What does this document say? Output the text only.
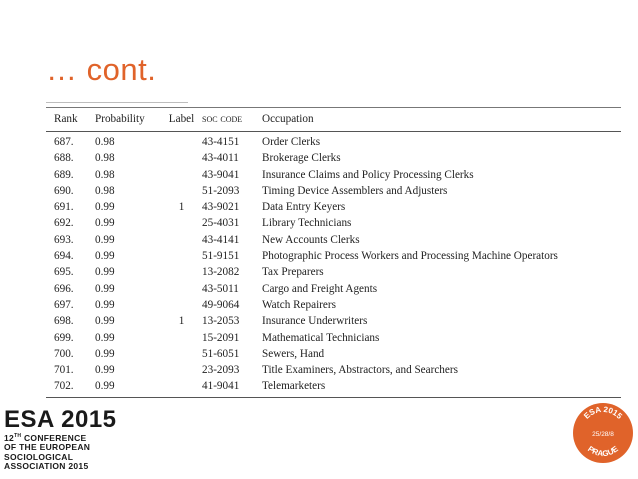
… cont.
Rank	Probability	Label	soc code	Occupation
687.	0.98		43-4151	Order Clerks
688.	0.98		43-4011	Brokerage Clerks
689.	0.98		43-9041	Insurance Claims and Policy Processing Clerks
690.	0.98		51-2093	Timing Device Assemblers and Adjusters
691.	0.99	1	43-9021	Data Entry Keyers
692.	0.99		25-4031	Library Technicians
693.	0.99		43-4141	New Accounts Clerks
694.	0.99		51-9151	Photographic Process Workers and Processing Machine Operators
695.	0.99		13-2082	Tax Preparers
696.	0.99		43-5011	Cargo and Freight Agents
697.	0.99		49-9064	Watch Repairers
698.	0.99	1	13-2053	Insurance Underwriters
699.	0.99		15-2091	Mathematical Technicians
700.	0.99		51-6051	Sewers, Hand
701.	0.99		23-2093	Title Examiners, Abstractors, and Searchers
702.	0.99		41-9041	Telemarketers
ESA 2015
12TH CONFERENCE
OF THE EUROPEAN
SOCIOLOGICAL
ASSOCIATION 2015
ESA 2015
25/28/8
PRAGUE
